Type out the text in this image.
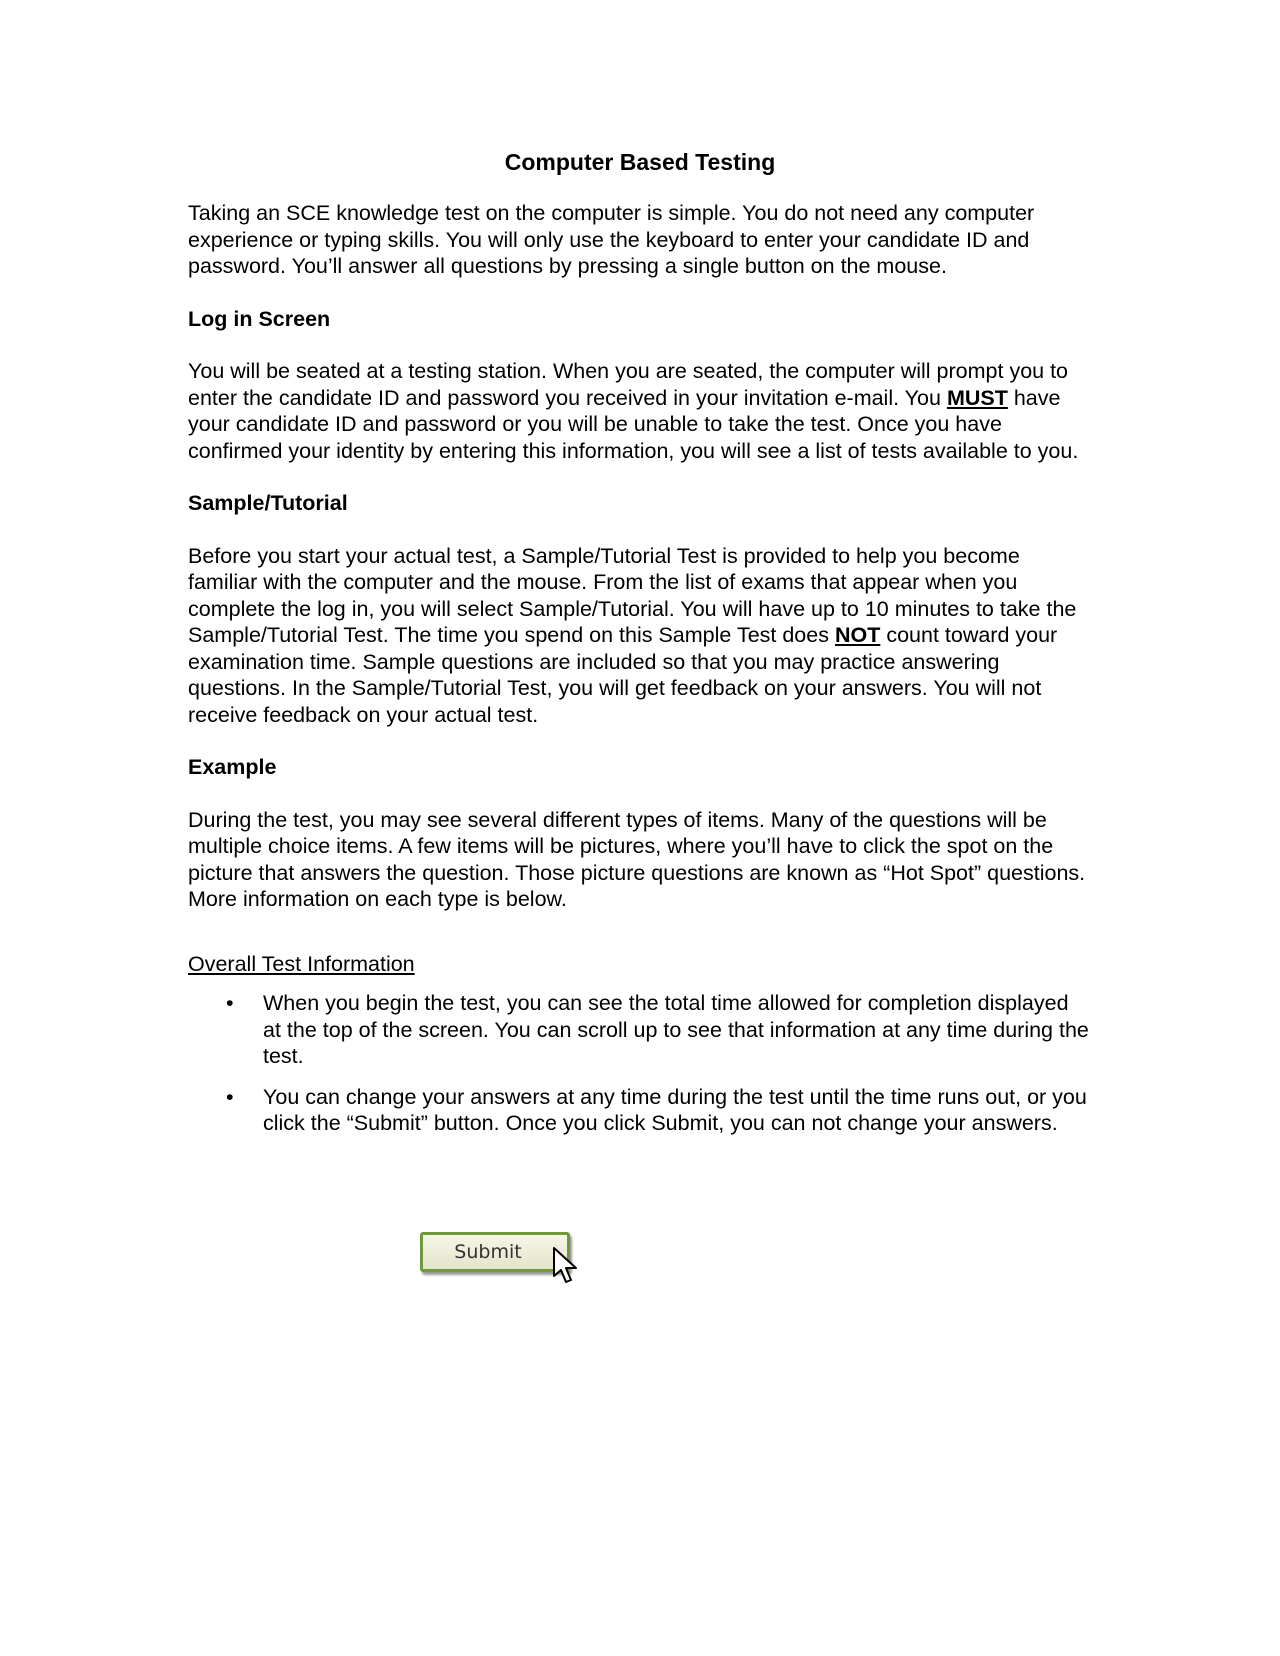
Computer Based Testing

Taking an SCE knowledge test on the computer is simple. You do not need any computer experience or typing skills. You will only use the keyboard to enter your candidate ID and password. You’ll answer all questions by pressing a single button on the mouse.

Log in Screen

You will be seated at a testing station. When you are seated, the computer will prompt you to enter the candidate ID and password you received in your invitation e-mail. You MUST have your candidate ID and password or you will be unable to take the test. Once you have confirmed your identity by entering this information, you will see a list of tests available to you.

Sample/Tutorial

Before you start your actual test, a Sample/Tutorial Test is provided to help you become familiar with the computer and the mouse. From the list of exams that appear when you complete the log in, you will select Sample/Tutorial. You will have up to 10 minutes to take the Sample/Tutorial Test. The time you spend on this Sample Test does NOT count toward your examination time. Sample questions are included so that you may practice answering questions. In the Sample/Tutorial Test, you will get feedback on your answers. You will not receive feedback on your actual test.

Example

During the test, you may see several different types of items. Many of the questions will be multiple choice items. A few items will be pictures, where you’ll have to click the spot on the picture that answers the question. Those picture questions are known as “Hot Spot” questions. More information on each type is below.

Overall Test Information

• When you begin the test, you can see the total time allowed for completion displayed at the top of the screen. You can scroll up to see that information at any time during the test.
• You can change your answers at any time during the test until the time runs out, or you click the “Submit” button. Once you click Submit, you can not change your answers.
Submit
